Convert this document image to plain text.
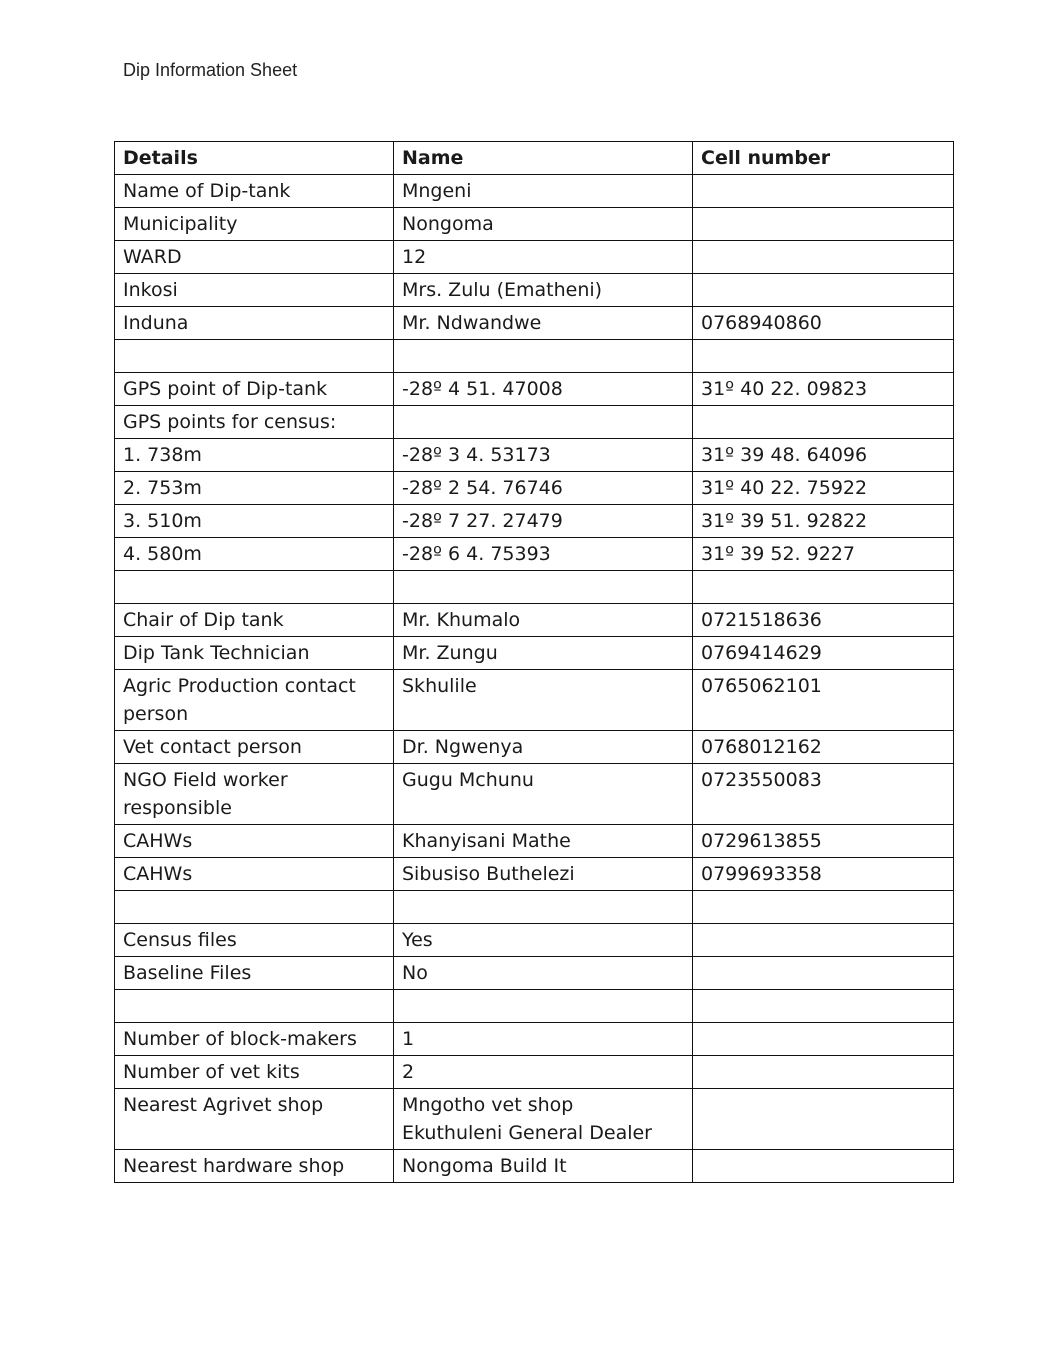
Dip Information Sheet
Details	Name	Cell number
Name of Dip-tank	Mngeni	
Municipality	Nongoma	
WARD	12	
Inkosi	Mrs. Zulu (Ematheni)	
Induna	Mr. Ndwandwe	0768940860

GPS point of Dip-tank	-28º 4 51. 47008	31º 40 22. 09823
GPS points for census:		
1. 738m	-28º 3 4. 53173	31º 39 48. 64096
2. 753m	-28º 2 54. 76746	31º 40 22. 75922
3. 510m	-28º 7 27. 27479	31º 39 51. 92822
4. 580m	-28º 6 4. 75393	31º 39 52. 9227

Chair of Dip tank	Mr. Khumalo	0721518636
Dip Tank Technician	Mr. Zungu	0769414629
Agric Production contact person	Skhulile	0765062101
Vet contact person	Dr. Ngwenya	0768012162
NGO Field worker responsible	Gugu Mchunu	0723550083
CAHWs	Khanyisani Mathe	0729613855
CAHWs	Sibusiso Buthelezi	0799693358

Census files	Yes	
Baseline Files	No	

Number of block-makers	1	
Number of vet kits	2	
Nearest Agrivet shop	Mngotho vet shop
Ekuthuleni General Dealer	
Nearest hardware shop	Nongoma Build It	
